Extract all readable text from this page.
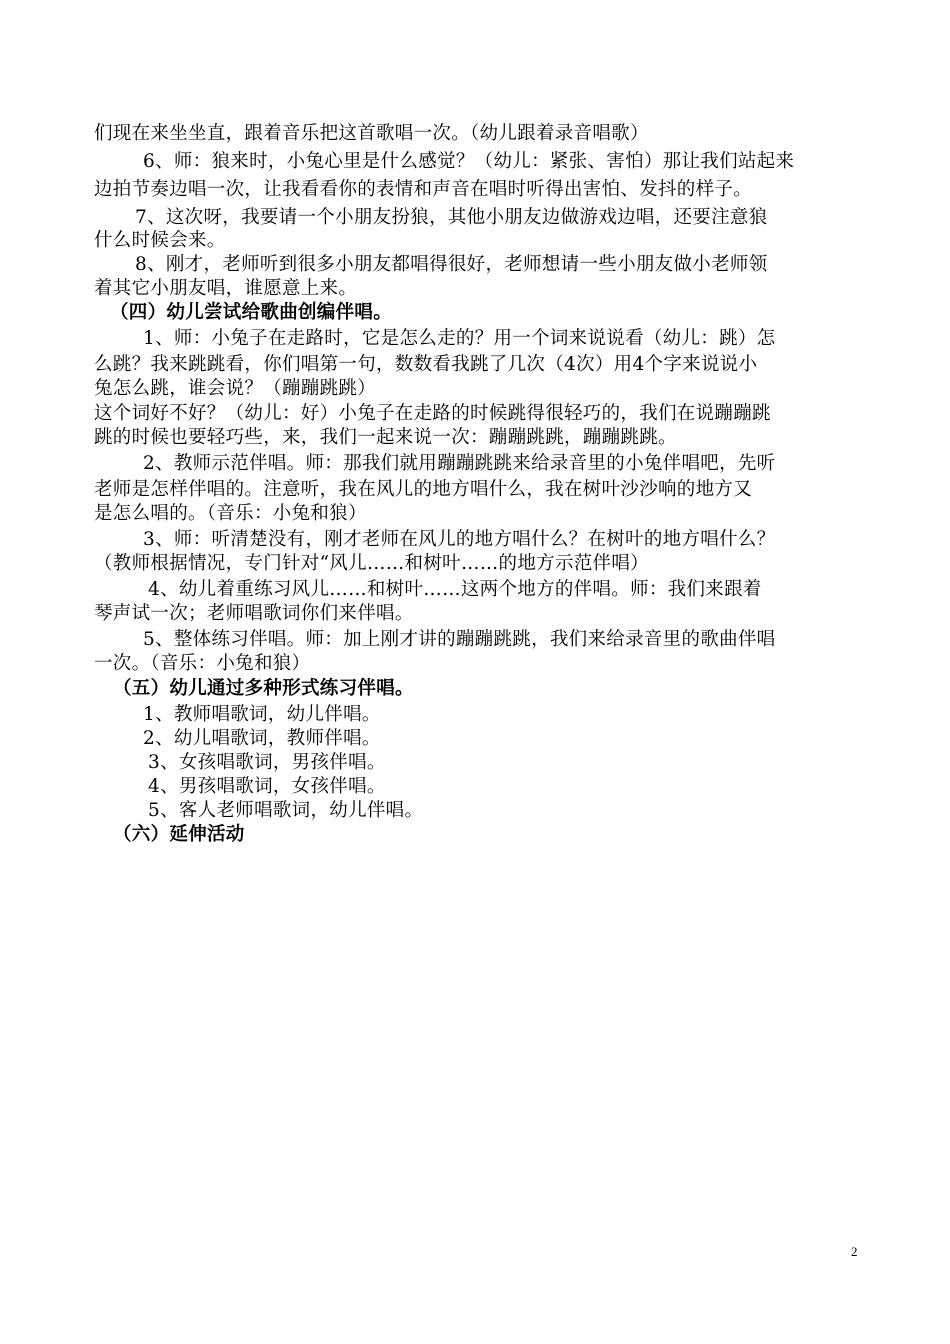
们现在来坐坐直，跟着音乐把这首歌唱一次。（幼儿跟着录音唱歌）
6、师：狼来时，小兔心里是什么感觉？（幼儿：紧张、害怕）那让我们站起来
边拍节奏边唱一次，让我看看你的表情和声音在唱时听得出害怕、发抖的样子。
7、这次呀，我要请一个小朋友扮狼，其他小朋友边做游戏边唱，还要注意狼
什么时候会来。
8、刚才，老师听到很多小朋友都唱得很好，老师想请一些小朋友做小老师领
着其它小朋友唱，谁愿意上来。
（四）幼儿尝试给歌曲创编伴唱。
1、师：小兔子在走路时，它是怎么走的？用一个词来说说看（幼儿：跳）怎
么跳？我来跳跳看，你们唱第一句，数数看我跳了几次（4次）用4个字来说说小
兔怎么跳，谁会说？（蹦蹦跳跳）
这个词好不好？（幼儿：好）小兔子在走路的时候跳得很轻巧的，我们在说蹦蹦跳
跳的时候也要轻巧些，来，我们一起来说一次：蹦蹦跳跳，蹦蹦跳跳。
2、教师示范伴唱。师：那我们就用蹦蹦跳跳来给录音里的小兔伴唱吧，先听
老师是怎样伴唱的。注意听，我在风儿的地方唱什么，我在树叶沙沙响的地方又
是怎么唱的。（音乐：小兔和狼）
3、师：听清楚没有，刚才老师在风儿的地方唱什么？在树叶的地方唱什么？
（教师根据情况，专门针对“风儿……和树叶……的地方示范伴唱）
4、幼儿着重练习风儿……和树叶……这两个地方的伴唱。师：我们来跟着
琴声试一次；老师唱歌词你们来伴唱。
5、整体练习伴唱。师：加上刚才讲的蹦蹦跳跳，我们来给录音里的歌曲伴唱
一次。（音乐：小兔和狼）
（五）幼儿通过多种形式练习伴唱。
1、教师唱歌词，幼儿伴唱。
2、幼儿唱歌词，教师伴唱。
3、女孩唱歌词，男孩伴唱。
4、男孩唱歌词，女孩伴唱。
5、客人老师唱歌词，幼儿伴唱。
（六）延伸活动
2
